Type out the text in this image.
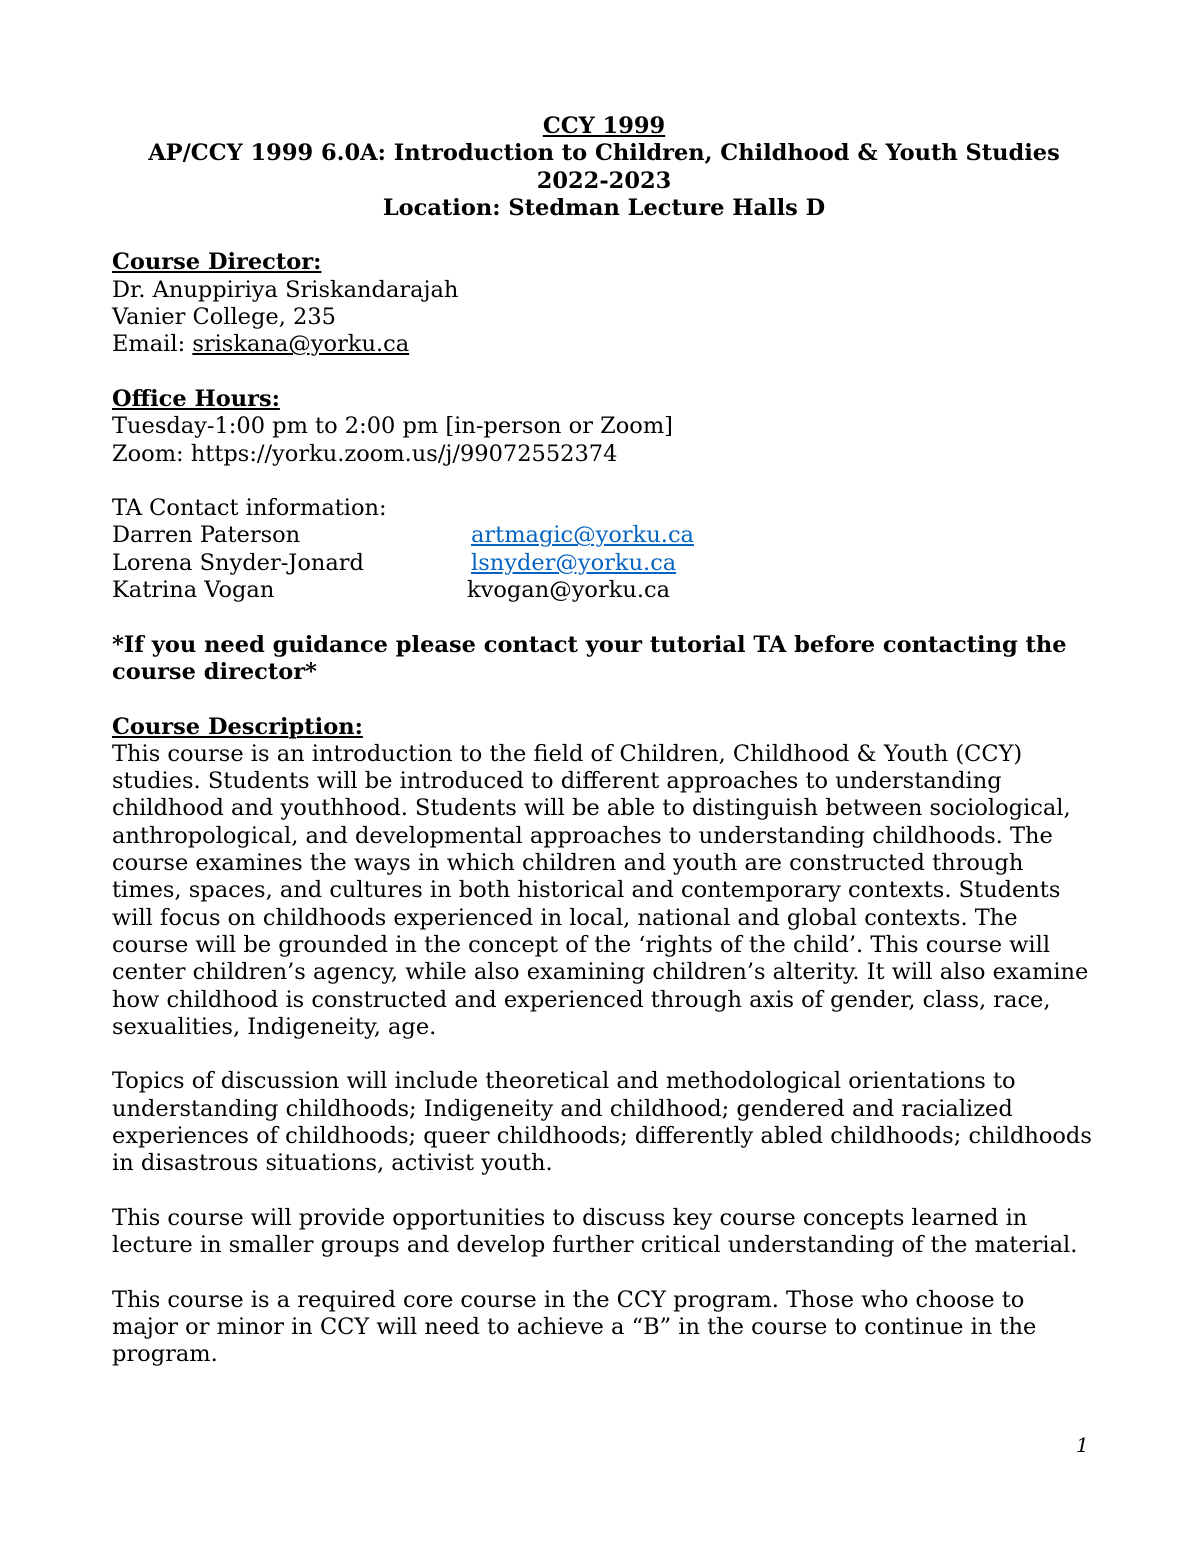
CCY 1999
AP/CCY 1999 6.0A: Introduction to Children, Childhood & Youth Studies
2022-2023
Location: Stedman Lecture Halls D
Course Director:
Dr. Anuppiriya Sriskandarajah
Vanier College, 235
Email: sriskana@yorku.ca
Office Hours:
Tuesday-1:00 pm to 2:00 pm [in-person or Zoom]
Zoom: https://yorku.zoom.us/j/99072552374
TA Contact information:
Darren Paterson	artmagic@yorku.ca
Lorena Snyder-Jonard	lsnyder@yorku.ca
Katrina Vogan	kvogan@yorku.ca
*If you need guidance please contact your tutorial TA before contacting the course director*
Course Description:

This course is an introduction to the field of Children, Childhood & Youth (CCY) studies. Students will be introduced to different approaches to understanding childhood and youthhood. Students will be able to distinguish between sociological, anthropological, and developmental approaches to understanding childhoods. The course examines the ways in which children and youth are constructed through times, spaces, and cultures in both historical and contemporary contexts. Students will focus on childhoods experienced in local, national and global contexts. The course will be grounded in the concept of the ‘rights of the child’. This course will center children’s agency, while also examining children’s alterity. It will also examine how childhood is constructed and experienced through axis of gender, class, race, sexualities, Indigeneity, age.

Topics of discussion will include theoretical and methodological orientations to understanding childhoods; Indigeneity and childhood; gendered and racialized experiences of childhoods; queer childhoods; differently abled childhoods; childhoods in disastrous situations, activist youth.

This course will provide opportunities to discuss key course concepts learned in lecture in smaller groups and develop further critical understanding of the material.

This course is a required core course in the CCY program. Those who choose to major or minor in CCY will need to achieve a “B” in the course to continue in the program.

1
